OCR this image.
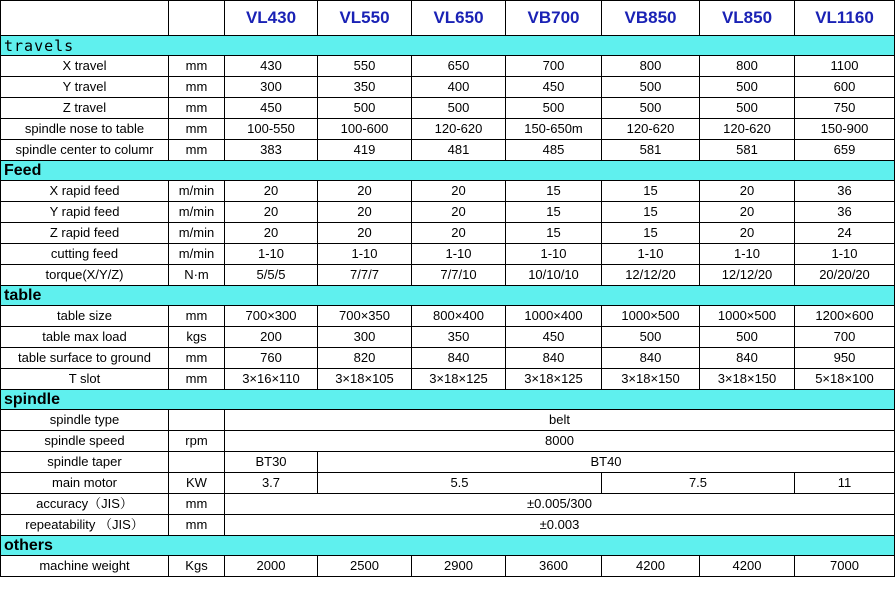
		VL430	VL550	VL650	VB700	VB850	VL850	VL1160
travels								
X travel	mm	430	550	650	700	800	800	1100
Y travel	mm	300	350	400	450	500	500	600
Z travel	mm	450	500	500	500	500	500	750
spindle nose to table	mm	100-550	100-600	120-620	150-650m	120-620	120-620	150-900
spindle center to columr	mm	383	419	481	485	581	581	659
Feed								
X rapid feed	m/min	20	20	20	15	15	20	36
Y rapid feed	m/min	20	20	20	15	15	20	36
Z rapid feed	m/min	20	20	20	15	15	20	24
cutting feed	m/min	1-10	1-10	1-10	1-10	1-10	1-10	1-10
torque(X/Y/Z)	N·m	5/5/5	7/7/7	7/7/10	10/10/10	12/12/20	12/12/20	20/20/20
table								
table size	mm	700×300	700×350	800×400	1000×400	1000×500	1000×500	1200×600
table max load	kgs	200	300	350	450	500	500	700
table surface to ground	mm	760	820	840	840	840	840	950
T slot	mm	3×16×110	3×18×105	3×18×125	3×18×125	3×18×150	3×18×150	5×18×100
spindle								
spindle type		belt						
spindle speed	rpm	8000						
spindle taper		BT30	BT40					
main motor	KW	3.7	5.5			7.5		11
accuracy（JIS）	mm	±0.005/300						
repeatability （JIS）	mm	±0.003						
others								
machine weight	Kgs	2000	2500	2900	3600	4200	4200	7000
